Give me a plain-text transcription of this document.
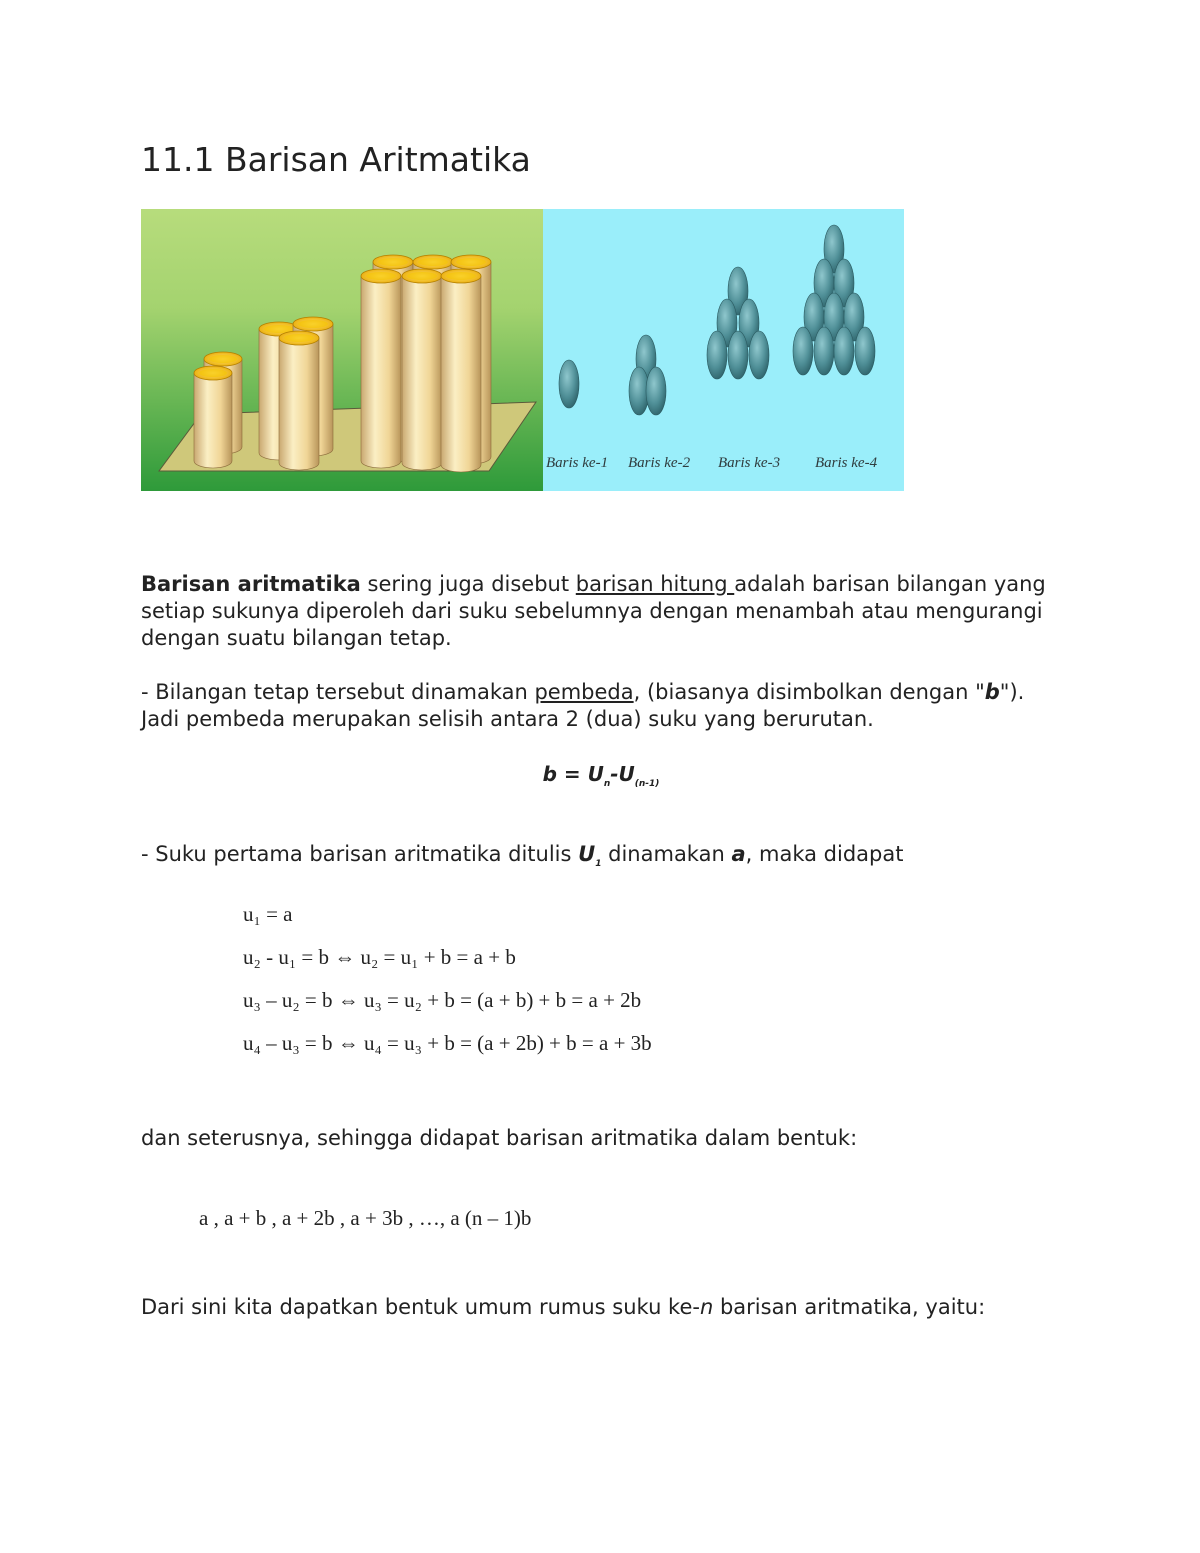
11.1 Barisan Aritmatika
Baris ke-1 Baris ke-2 Baris ke-3 Baris ke-4

Barisan aritmatika sering juga disebut barisan hitung adalah barisan bilangan yang setiap sukunya diperoleh dari suku sebelumnya dengan menambah atau mengurangi dengan suatu bilangan tetap.

- Bilangan tetap tersebut dinamakan pembeda, (biasanya disimbolkan dengan "b"). Jadi pembeda merupakan selisih antara 2 (dua) suku yang berurutan.

$b = U_n-U_{(n-1)}$

- Suku pertama barisan aritmatika ditulis $U_1$ dinamakan a, maka didapat

u₁ = a
u₂ - u₁ = b ⇔ u₂ = u₁ + b = a + b
u₃ – u₂ = b ⇔ u₃ = u₂ + b = (a + b) + b = a + 2b
u₄ – u₃ = b ⇔ u₄ = u₃ + b = (a + 2b) + b = a + 3b

dan seterusnya, sehingga didapat barisan aritmatika dalam bentuk:

a , a + b , a + 2b , a + 3b , …, a (n – 1)b

Dari sini kita dapatkan bentuk umum rumus suku ke-n barisan aritmatika, yaitu:
